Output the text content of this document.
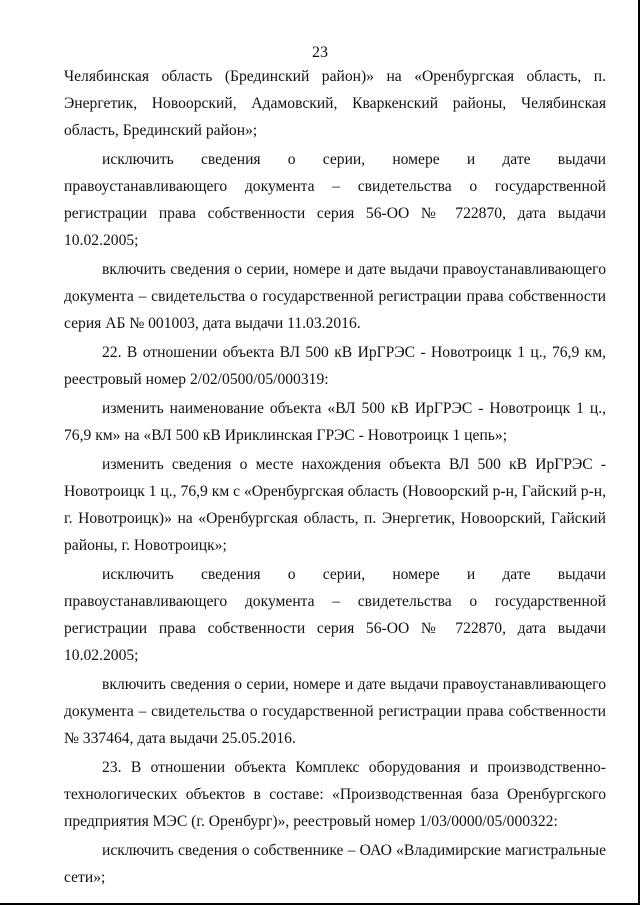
23

Челябинская область (Брединский район)» на «Оренбургская область, п. Энергетик, Новоорский, Адамовский, Кваркенский районы, Челябинская область, Брединский район»;

исключить сведения о серии, номере и дате выдачи правоустанавливающего документа – свидетельства о государственной регистрации права собственности серия 56-ОО № 722870, дата выдачи 10.02.2005;

включить сведения о серии, номере и дате выдачи правоустанавливающего документа – свидетельства о государственной регистрации права собственности серия АБ № 001003, дата выдачи 11.03.2016.

22. В отношении объекта ВЛ 500 кВ ИрГРЭС - Новотроицк 1 ц., 76,9 км, реестровый номер 2/02/0500/05/000319:

изменить наименование объекта «ВЛ 500 кВ ИрГРЭС - Новотроицк 1 ц., 76,9 км» на «ВЛ 500 кВ Ириклинская ГРЭС - Новотроицк 1 цепь»;

изменить сведения о месте нахождения объекта ВЛ 500 кВ ИрГРЭС - Новотроицк 1 ц., 76,9 км с «Оренбургская область (Новоорский р-н, Гайский р-н, г. Новотроицк)» на «Оренбургская область, п. Энергетик, Новоорский, Гайский районы, г. Новотроицк»;

исключить сведения о серии, номере и дате выдачи правоустанавливающего документа – свидетельства о государственной регистрации права собственности серия 56-ОО № 722870, дата выдачи 10.02.2005;

включить сведения о серии, номере и дате выдачи правоустанавливающего документа – свидетельства о государственной регистрации права собственности № 337464, дата выдачи 25.05.2016.

23. В отношении объекта Комплекс оборудования и производственно-технологических объектов в составе: «Производственная база Оренбургского предприятия МЭС (г. Оренбург)», реестровый номер 1/03/0000/05/000322:

исключить сведения о собственнике – ОАО «Владимирские магистральные сети»;
